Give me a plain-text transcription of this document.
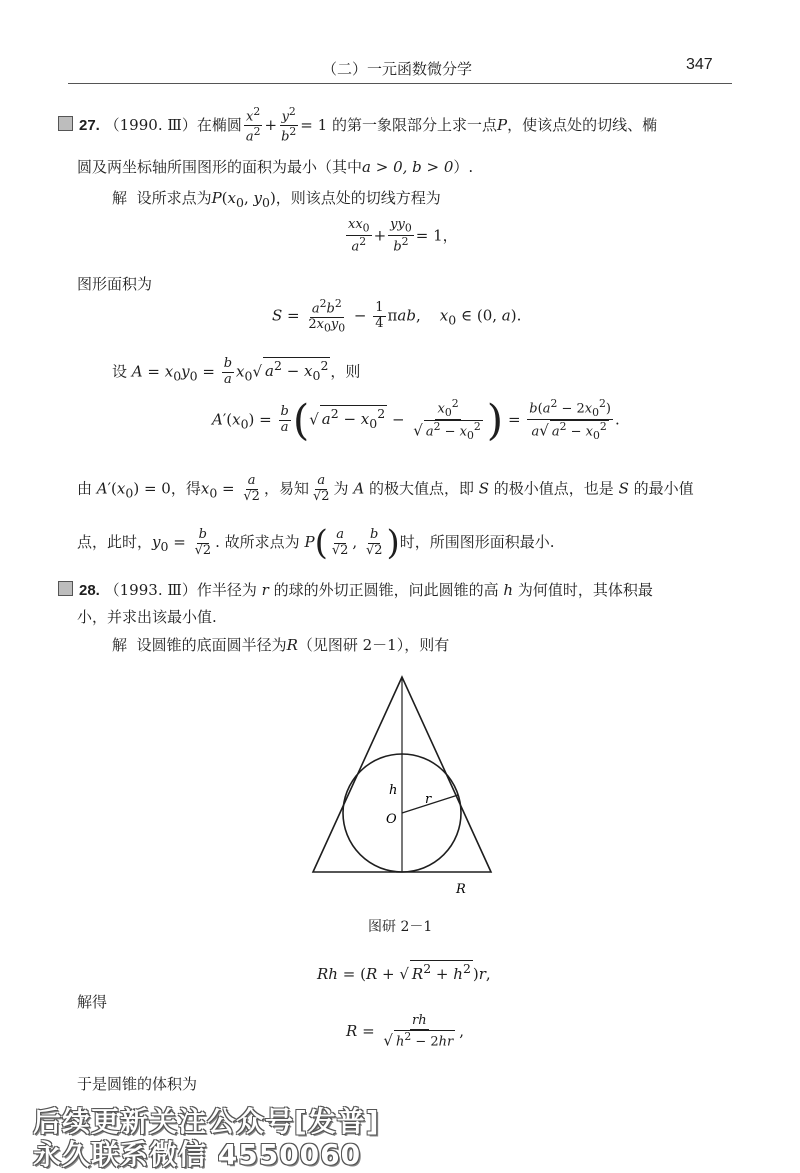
（二）一元函数微分学	347
27. （1990. Ⅲ）在椭圆 $\frac{x^2}{a^2} + \frac{y^2}{b^2} = 1$ 的第一象限部分上求一点P，使该点处的切线、椭
圆及两坐标轴所围图形的面积为最小（其中a > 0, b > 0）.
解 设所求点为$P(x_0$, $y_0$)，则该点处的切线方程为
$\frac{xx_0}{a^2} + \frac{yy_0}{b^2} = 1$，
图形面积为
$S = \frac{a^2b^2}{2x_0y_0} - \frac{1}{4} \pi ab$,    $x_0$ ∈ (0, a).
设 $A = x_0y_0 = \frac{b}{a} x_0√$ $a^2 - x_0^2$ ，则
$A'(x_0) = \frac{b}{a}$ (√ $a^2 - x_0^2 - \frac{x_0^2}{√ a^2 - x_0^2}$ ) = $\frac{b(a^2 - 2x_0^2)}{a√ a^2 - x_0^2}$ .
由 $A'(x_0) = 0$，得$x_0 = \frac{a}{√2}$ ，易知 $\frac{a}{√2}$ 为 A 的极大值点，即 S 的极小值点，也是 S 的最小值
点，此时，$y_0 = \frac{b}{√2}$ . 故所求点为 $P( \frac{a}{√2}$ , $\frac{b}{√2}$ )时，所围图形面积最小.
28. （1993. Ⅲ）作半径为 r 的球的外切正圆锥，问此圆锥的高 h 为何值时，其体积最
小，并求出该最小值.
解 设圆锥的底面圆半径为R（见图研 2－1），则有
h
r
O
R
图研 2－1
Rh = (R + √ $R^2 + h^2$ )r,
解得
$R = \frac{rh}{√ h^2 - 2hr}$ ,
于是圆锥的体积为
后续更新关注公众号[发普]
永久联系微信 4550060
